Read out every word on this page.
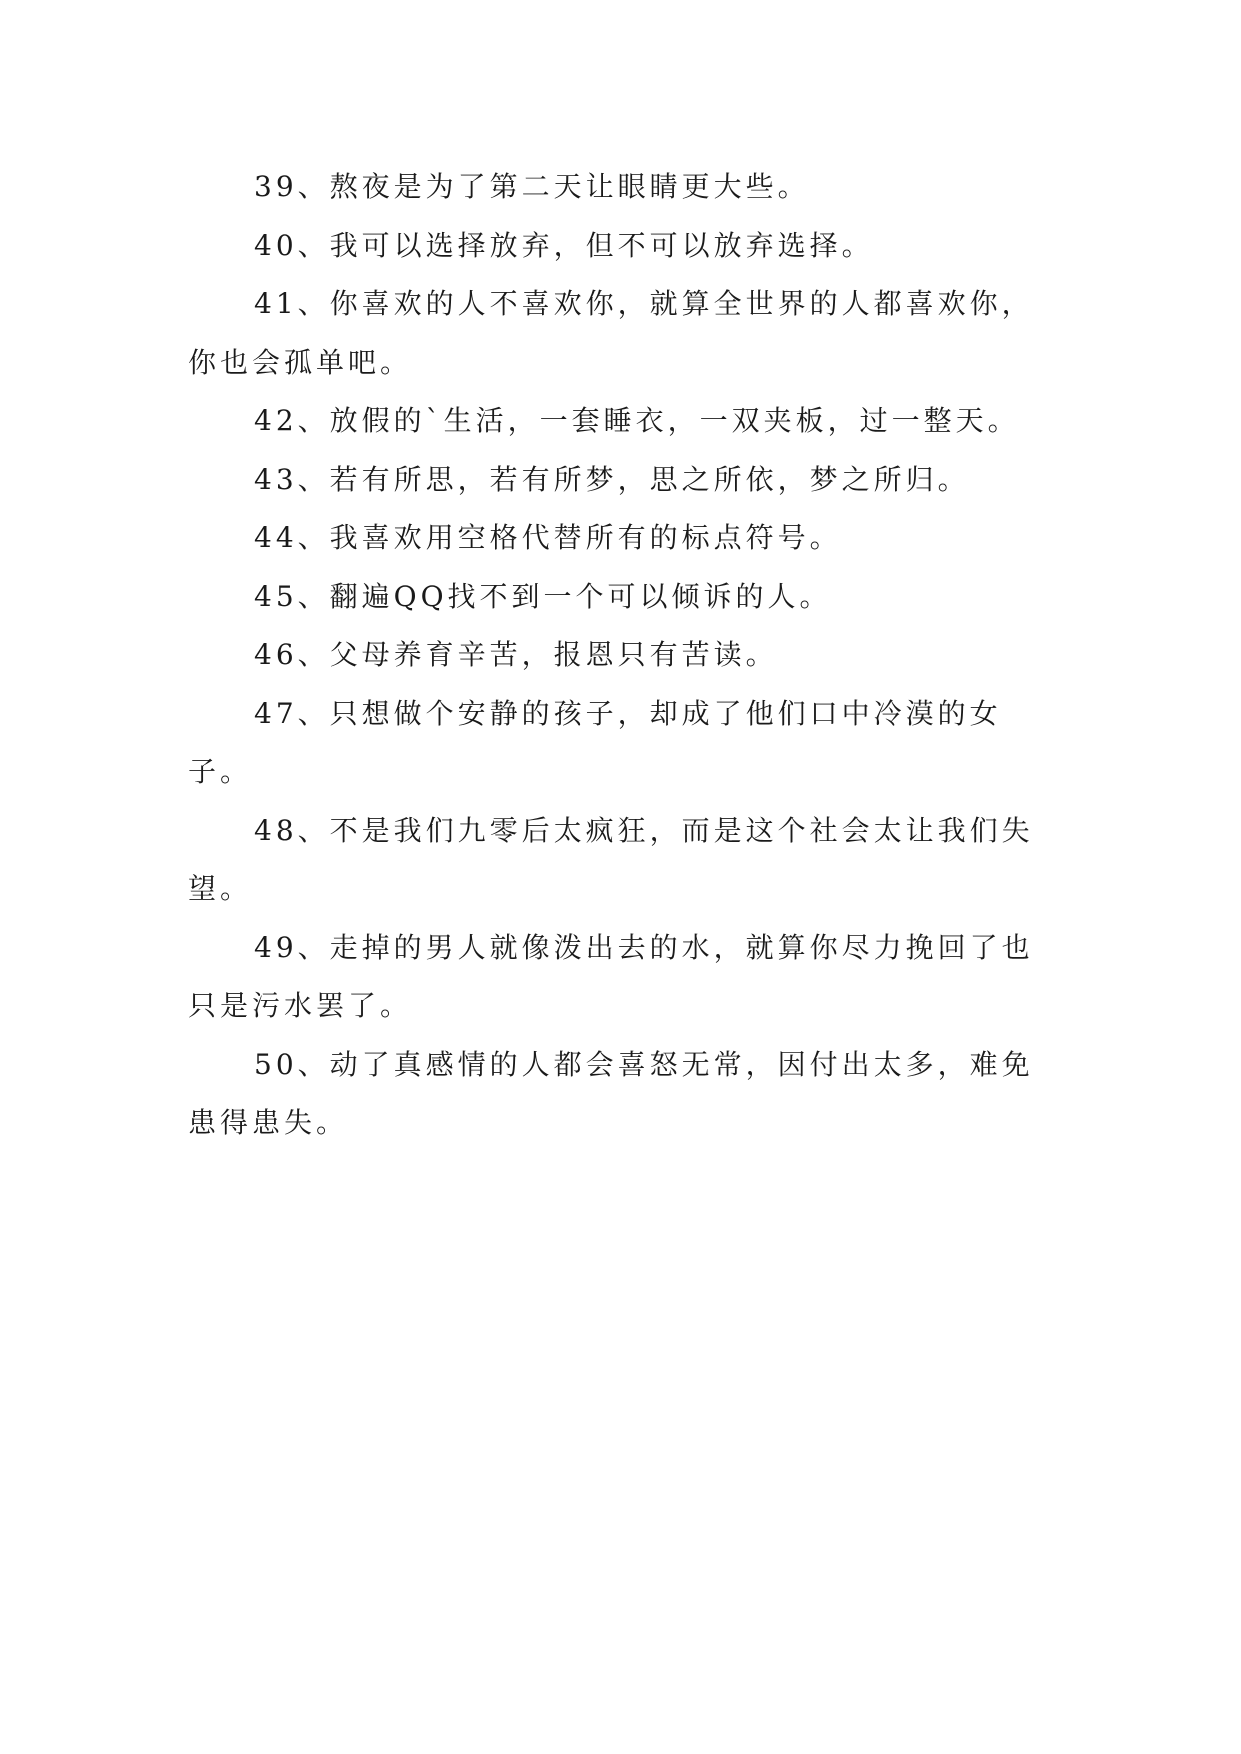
39、熬夜是为了第二天让眼睛更大些。

40、我可以选择放弃，但不可以放弃选择。

41、你喜欢的人不喜欢你，就算全世界的人都喜欢你，你也会孤单吧。

42、放假的`生活，一套睡衣，一双夹板，过一整天。

43、若有所思，若有所梦，思之所依，梦之所归。

44、我喜欢用空格代替所有的标点符号。

45、翻遍QQ找不到一个可以倾诉的人。

46、父母养育辛苦，报恩只有苦读。

47、只想做个安静的孩子，却成了他们口中冷漠的女子。

48、不是我们九零后太疯狂，而是这个社会太让我们失望。

49、走掉的男人就像泼出去的水，就算你尽力挽回了也只是污水罢了。

50、动了真感情的人都会喜怒无常，因付出太多，难免患得患失。
